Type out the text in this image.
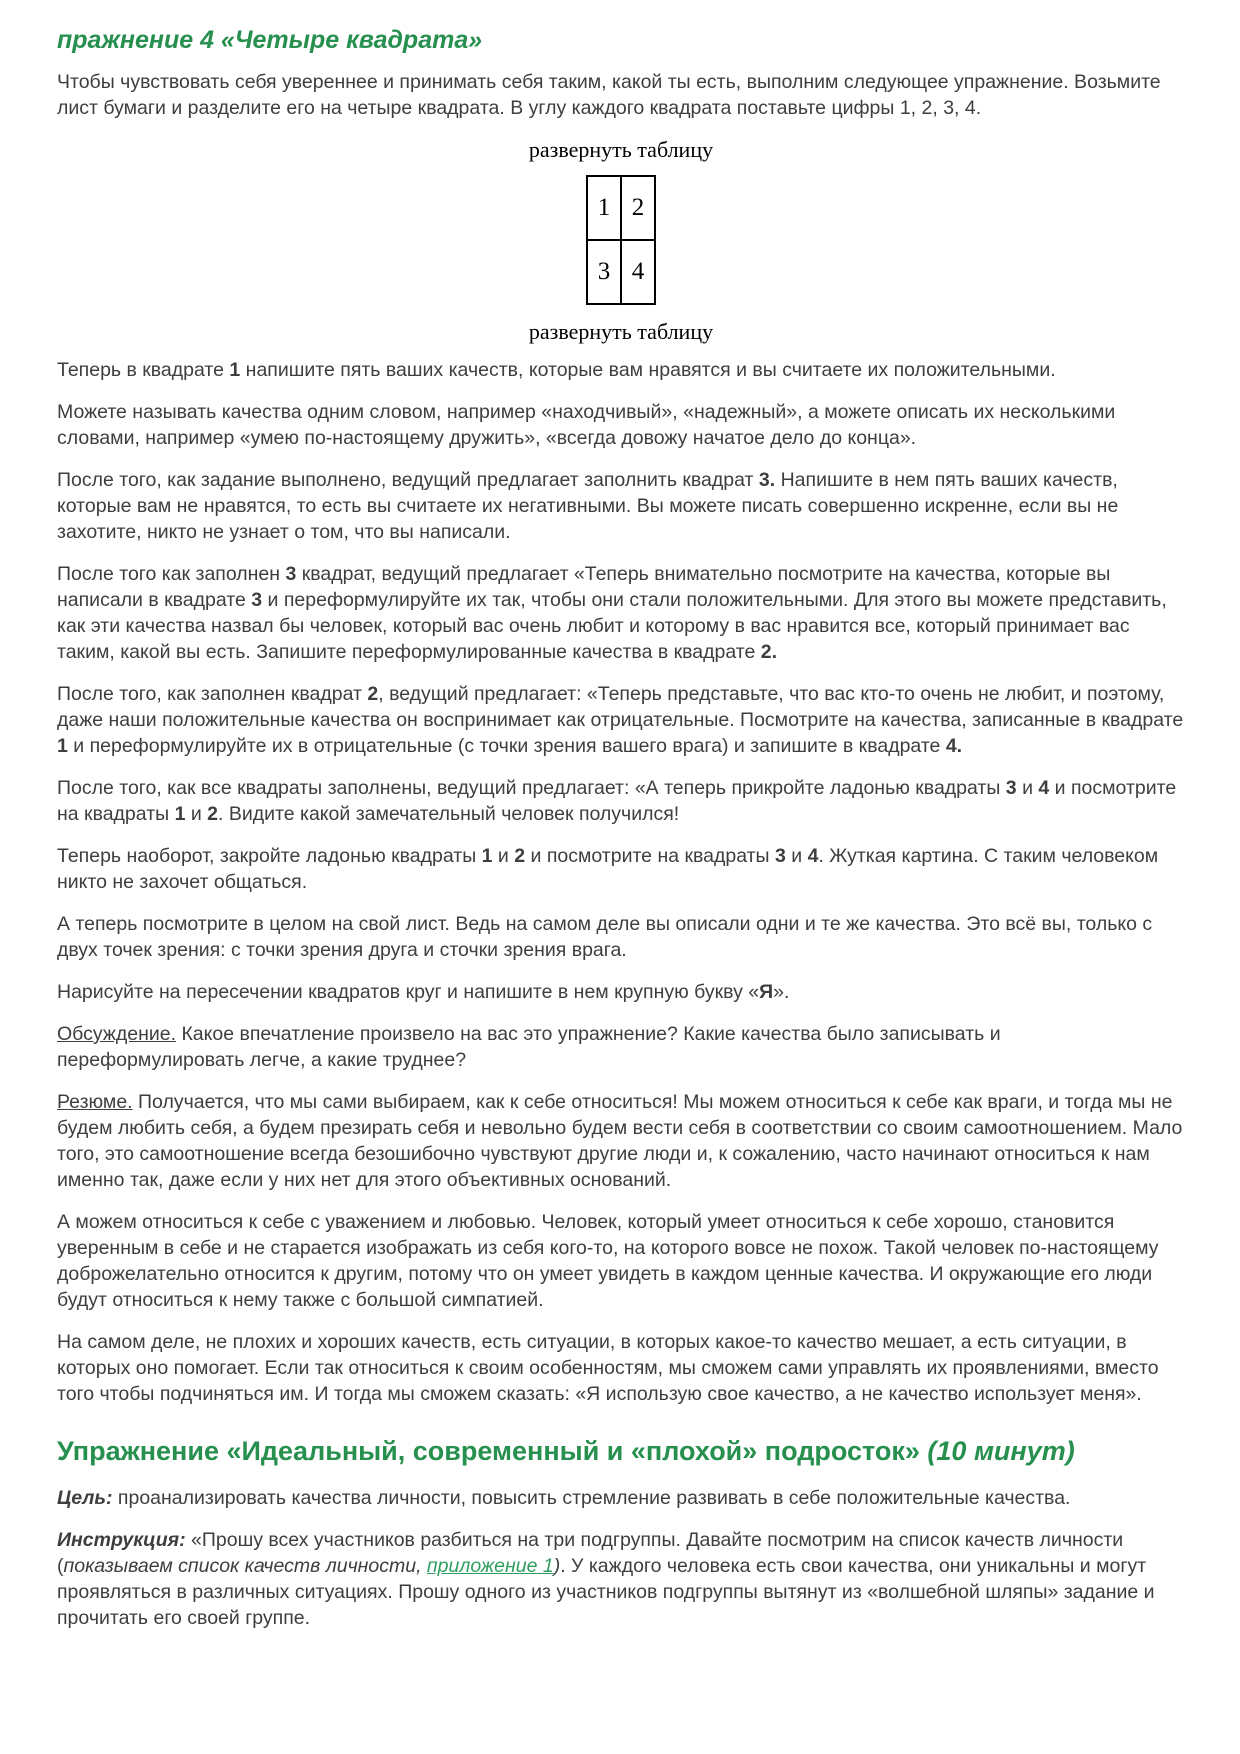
пражнение 4 «Четыре квадрата»

Чтобы чувствовать себя увереннее и принимать себя таким, какой ты есть, выполним следующее упражнение. Возьмите лист бумаги и разделите его на четыре квадрата. В углу каждого квадрата поставьте цифры 1, 2, 3, 4.

развернуть таблицу

1	2
3	4

развернуть таблицу

Теперь в квадрате 1 напишите пять ваших качеств, которые вам нравятся и вы считаете их положительными.

Можете называть качества одним словом, например «находчивый», «надежный», а можете описать их несколькими словами, например «умею по-настоящему дружить», «всегда довожу начатое дело до конца».

После того, как задание выполнено, ведущий предлагает заполнить квадрат 3. Напишите в нем пять ваших качеств, которые вам не нравятся, то есть вы считаете их негативными. Вы можете писать совершенно искренне, если вы не захотите, никто не узнает о том, что вы написали.

После того как заполнен 3 квадрат, ведущий предлагает «Теперь внимательно посмотрите на качества, которые вы написали в квадрате 3 и переформулируйте их так, чтобы они стали положительными. Для этого вы можете представить, как эти качества назвал бы человек, который вас очень любит и которому в вас нравится все, который принимает вас таким, какой вы есть. Запишите переформулированные качества в квадрате 2.

После того, как заполнен квадрат 2, ведущий предлагает: «Теперь представьте, что вас кто-то очень не любит, и поэтому, даже наши положительные качества он воспринимает как отрицательные. Посмотрите на качества, записанные в квадрате 1 и переформулируйте их в отрицательные (с точки зрения вашего врага) и запишите в квадрате 4.

После того, как все квадраты заполнены, ведущий предлагает: «А теперь прикройте ладонью квадраты 3 и 4 и посмотрите на квадраты 1 и 2. Видите какой замечательный человек получился!

Теперь наоборот, закройте ладонью квадраты 1 и 2 и посмотрите на квадраты 3 и 4. Жуткая картина. С таким человеком никто не захочет общаться.

А теперь посмотрите в целом на свой лист. Ведь на самом деле вы описали одни и те же качества. Это всё вы, только с двух точек зрения: с точки зрения друга и сточки зрения врага.

Нарисуйте на пересечении квадратов круг и напишите в нем крупную букву «Я».

Обсуждение. Какое впечатление произвело на вас это упражнение? Какие качества было записывать и переформулировать легче, а какие труднее?

Резюме. Получается, что мы сами выбираем, как к себе относиться! Мы можем относиться к себе как враги, и тогда мы не будем любить себя, а будем презирать себя и невольно будем вести себя в соответствии со своим самоотношением. Мало того, это самоотношение всегда безошибочно чувствуют другие люди и, к сожалению, часто начинают относиться к нам именно так, даже если у них нет для этого объективных оснований.

А можем относиться к себе с уважением и любовью. Человек, который умеет относиться к себе хорошо, становится уверенным в себе и не старается изображать из себя кого-то, на которого вовсе не похож. Такой человек по-настоящему доброжелательно относится к другим, потому что он умеет увидеть в каждом ценные качества. И окружающие его люди будут относиться к нему также с большой симпатией.

На самом деле, не плохих и хороших качеств, есть ситуации, в которых какое-то качество мешает, а есть ситуации, в которых оно помогает. Если так относиться к своим особенностям, мы сможем сами управлять их проявлениями, вместо того чтобы подчиняться им. И тогда мы сможем сказать: «Я использую свое качество, а не качество использует меня».

Упражнение «Идеальный, современный и «плохой» подросток» (10 минут)

Цель: проанализировать качества личности, повысить стремление развивать в себе положительные качества.

Инструкция: «Прошу всех участников разбиться на три подгруппы. Давайте посмотрим на список качеств личности (показываем список качеств личности, приложение 1). У каждого человека есть свои качества, они уникальны и могут проявляться в различных ситуациях. Прошу одного из участников подгруппы вытянут из «волшебной шляпы» задание и прочитать его своей группе.
